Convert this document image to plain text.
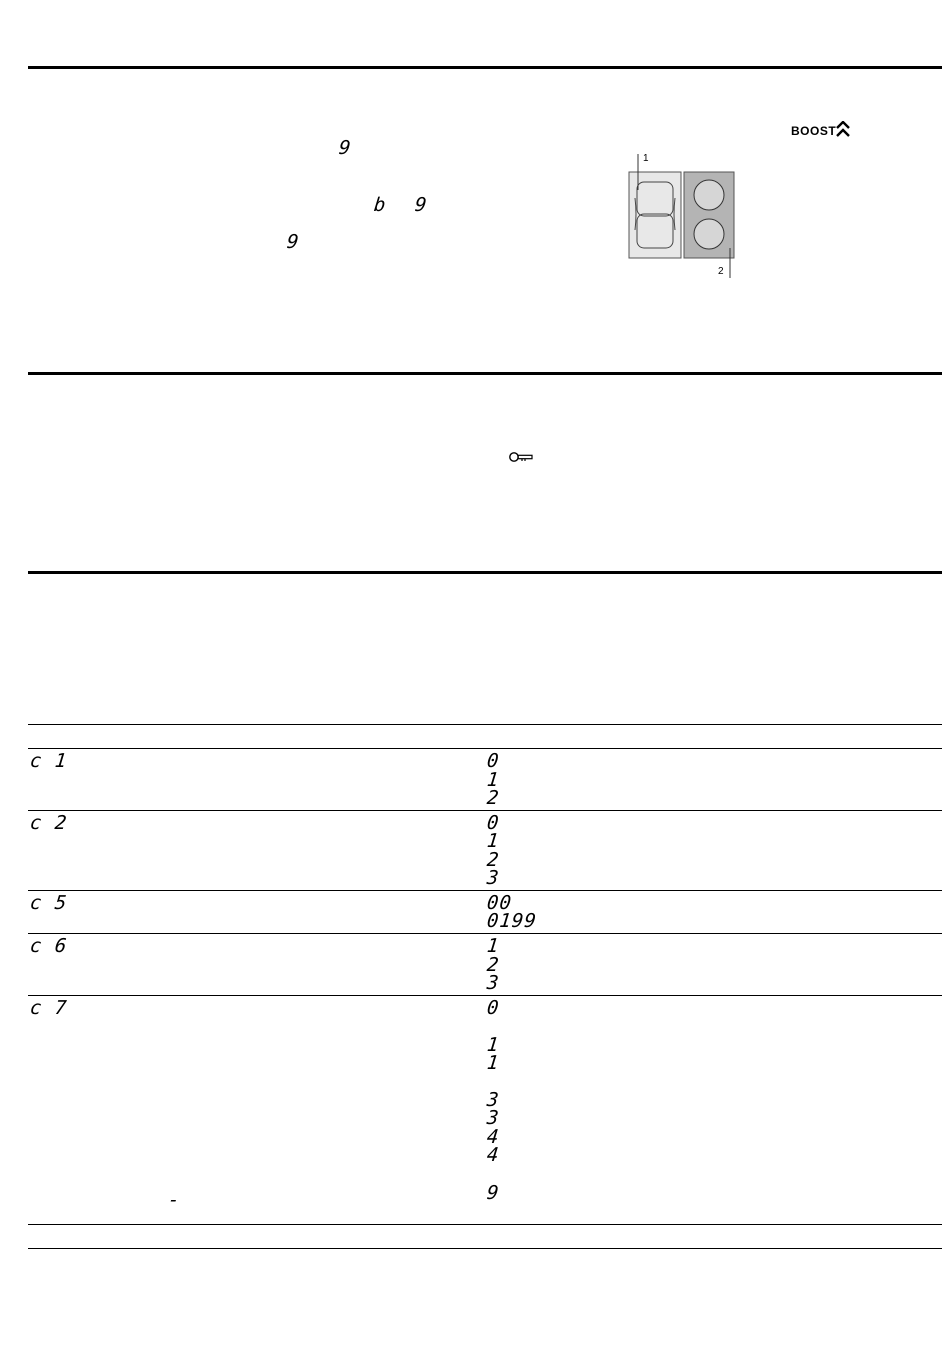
9
b 9
9
BOOST
1
2
c 1	0
1
2
c 2	0
1
2
3
c 5	00
0199
c 6	1
2
3
c 7	0
1
1
3
3
4
4
9
-
